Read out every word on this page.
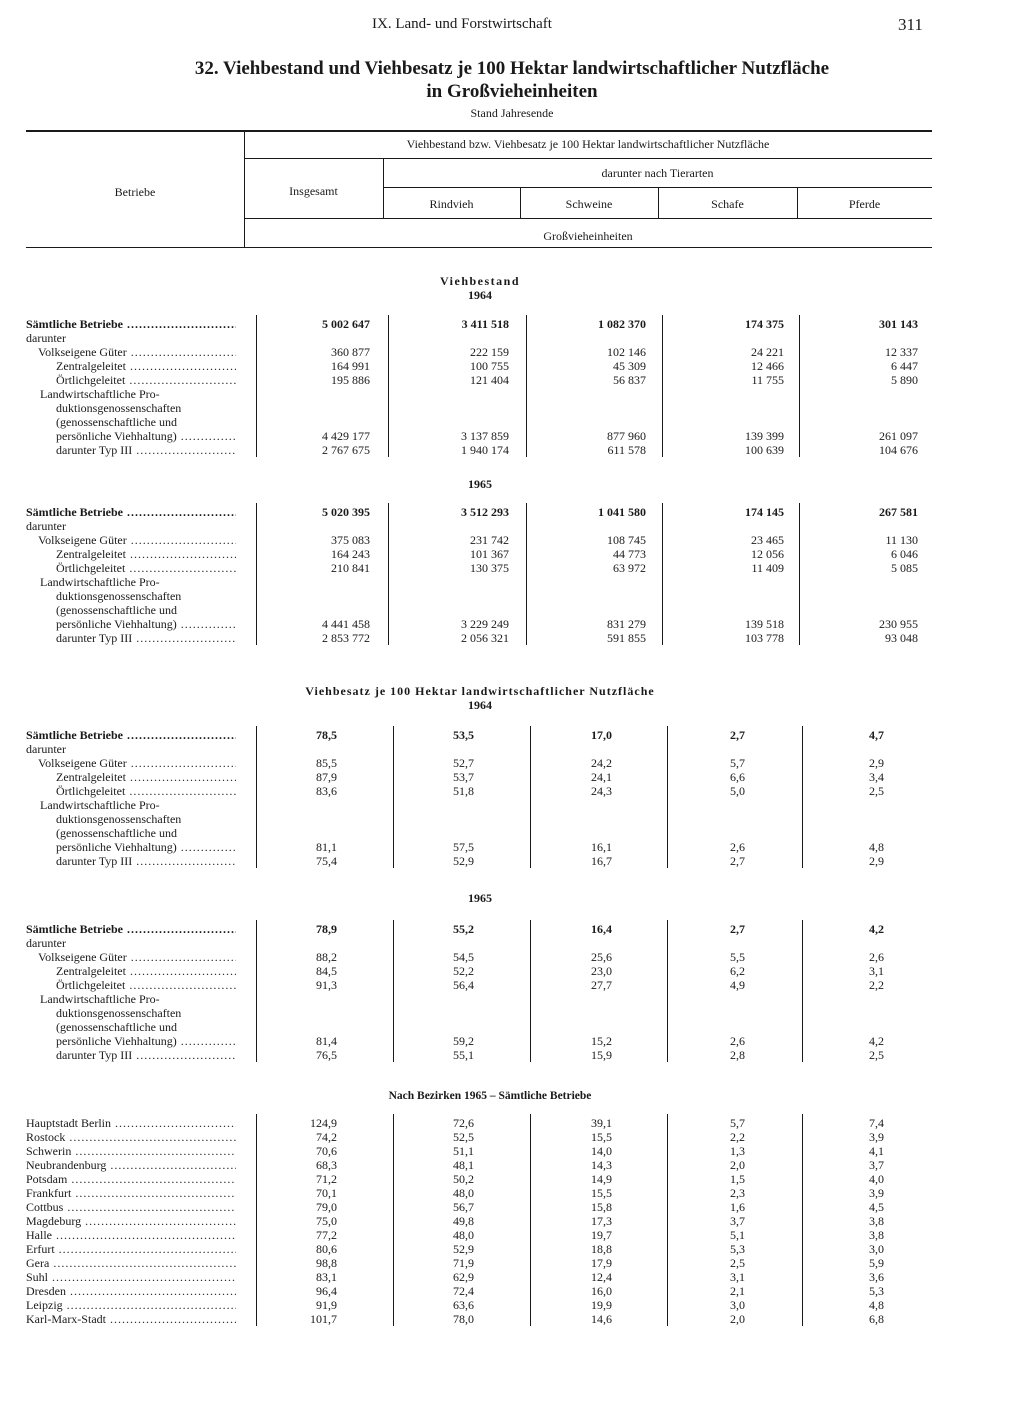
IX. Land- und Forstwirtschaft	311
32. Viehbestand und Viehbesatz je 100 Hektar landwirtschaftlicher Nutzfläche
in Großvieheinheiten
Stand Jahresende
Betriebe
Viehbestand bzw. Viehbesatz je 100 Hektar landwirtschaftlicher Nutzfläche
Insgesamt
darunter nach Tierarten
Rindvieh	Schweine	Schafe	Pferde
Großvieheinheiten
Viehbestand
1964
1965
Viehbesatz je 100 Hektar landwirtschaftlicher Nutzfläche
1964
1965
Nach Bezirken 1965 – Sämtliche Betriebe
Sämtliche Betriebe .....	5 002 647	3 411 518	1 082 370	174 375	301 143
darunter
Volkseigene Güter .....	360 877	222 159	102 146	24 221	12 337
Zentralgeleitet .....	164 991	100 755	45 309	12 466	6 447
Örtlichgeleitet .....	195 886	121 404	56 837	11 755	5 890
Landwirtschaftliche Pro-
duktionsgenossenschaften
(genossenschaftliche und
persönliche Viehhaltung) .....	4 429 177	3 137 859	877 960	139 399	261 097
darunter Typ III .....	2 767 675	1 940 174	611 578	100 639	104 676
Sämtliche Betriebe .....	5 020 395	3 512 293	1 041 580	174 145	267 581
darunter
Volkseigene Güter .....	375 083	231 742	108 745	23 465	11 130
Zentralgeleitet .....	164 243	101 367	44 773	12 056	6 046
Örtlichgeleitet .....	210 841	130 375	63 972	11 409	5 085
Landwirtschaftliche Pro-
duktionsgenossenschaften
(genossenschaftliche und
persönliche Viehhaltung) .....	4 441 458	3 229 249	831 279	139 518	230 955
darunter Typ III .....	2 853 772	2 056 321	591 855	103 778	93 048
Sämtliche Betriebe .....	78,5	53,5	17,0	2,7	4,7
darunter
Volkseigene Güter .....	85,5	52,7	24,2	5,7	2,9
Zentralgeleitet .....	87,9	53,7	24,1	6,6	3,4
Örtlichgeleitet .....	83,6	51,8	24,3	5,0	2,5
Landwirtschaftliche Pro-
duktionsgenossenschaften
(genossenschaftliche und
persönliche Viehhaltung) .....	81,1	57,5	16,1	2,6	4,8
darunter Typ III .....	75,4	52,9	16,7	2,7	2,9
Sämtliche Betriebe .....	78,9	55,2	16,4	2,7	4,2
darunter
Volkseigene Güter .....	88,2	54,5	25,6	5,5	2,6
Zentralgeleitet .....	84,5	52,2	23,0	6,2	3,1
Örtlichgeleitet .....	91,3	56,4	27,7	4,9	2,2
Landwirtschaftliche Pro-
duktionsgenossenschaften
(genossenschaftliche und
persönliche Viehhaltung) .....	81,4	59,2	15,2	2,6	4,2
darunter Typ III .....	76,5	55,1	15,9	2,8	2,5
Hauptstadt Berlin .....	124,9	72,6	39,1	5,7	7,4
Rostock .....	74,2	52,5	15,5	2,2	3,9
Schwerin .....	70,6	51,1	14,0	1,3	4,1
Neubrandenburg .....	68,3	48,1	14,3	2,0	3,7
Potsdam .....	71,2	50,2	14,9	1,5	4,0
Frankfurt .....	70,1	48,0	15,5	2,3	3,9
Cottbus .....	79,0	56,7	15,8	1,6	4,5
Magdeburg .....	75,0	49,8	17,3	3,7	3,8
Halle .....	77,2	48,0	19,7	5,1	3,8
Erfurt .....	80,6	52,9	18,8	5,3	3,0
Gera .....	98,8	71,9	17,9	2,5	5,9
Suhl .....	83,1	62,9	12,4	3,1	3,6
Dresden .....	96,4	72,4	16,0	2,1	5,3
Leipzig .....	91,9	63,6	19,9	3,0	4,8
Karl-Marx-Stadt .....	101,7	78,0	14,6	2,0	6,8
